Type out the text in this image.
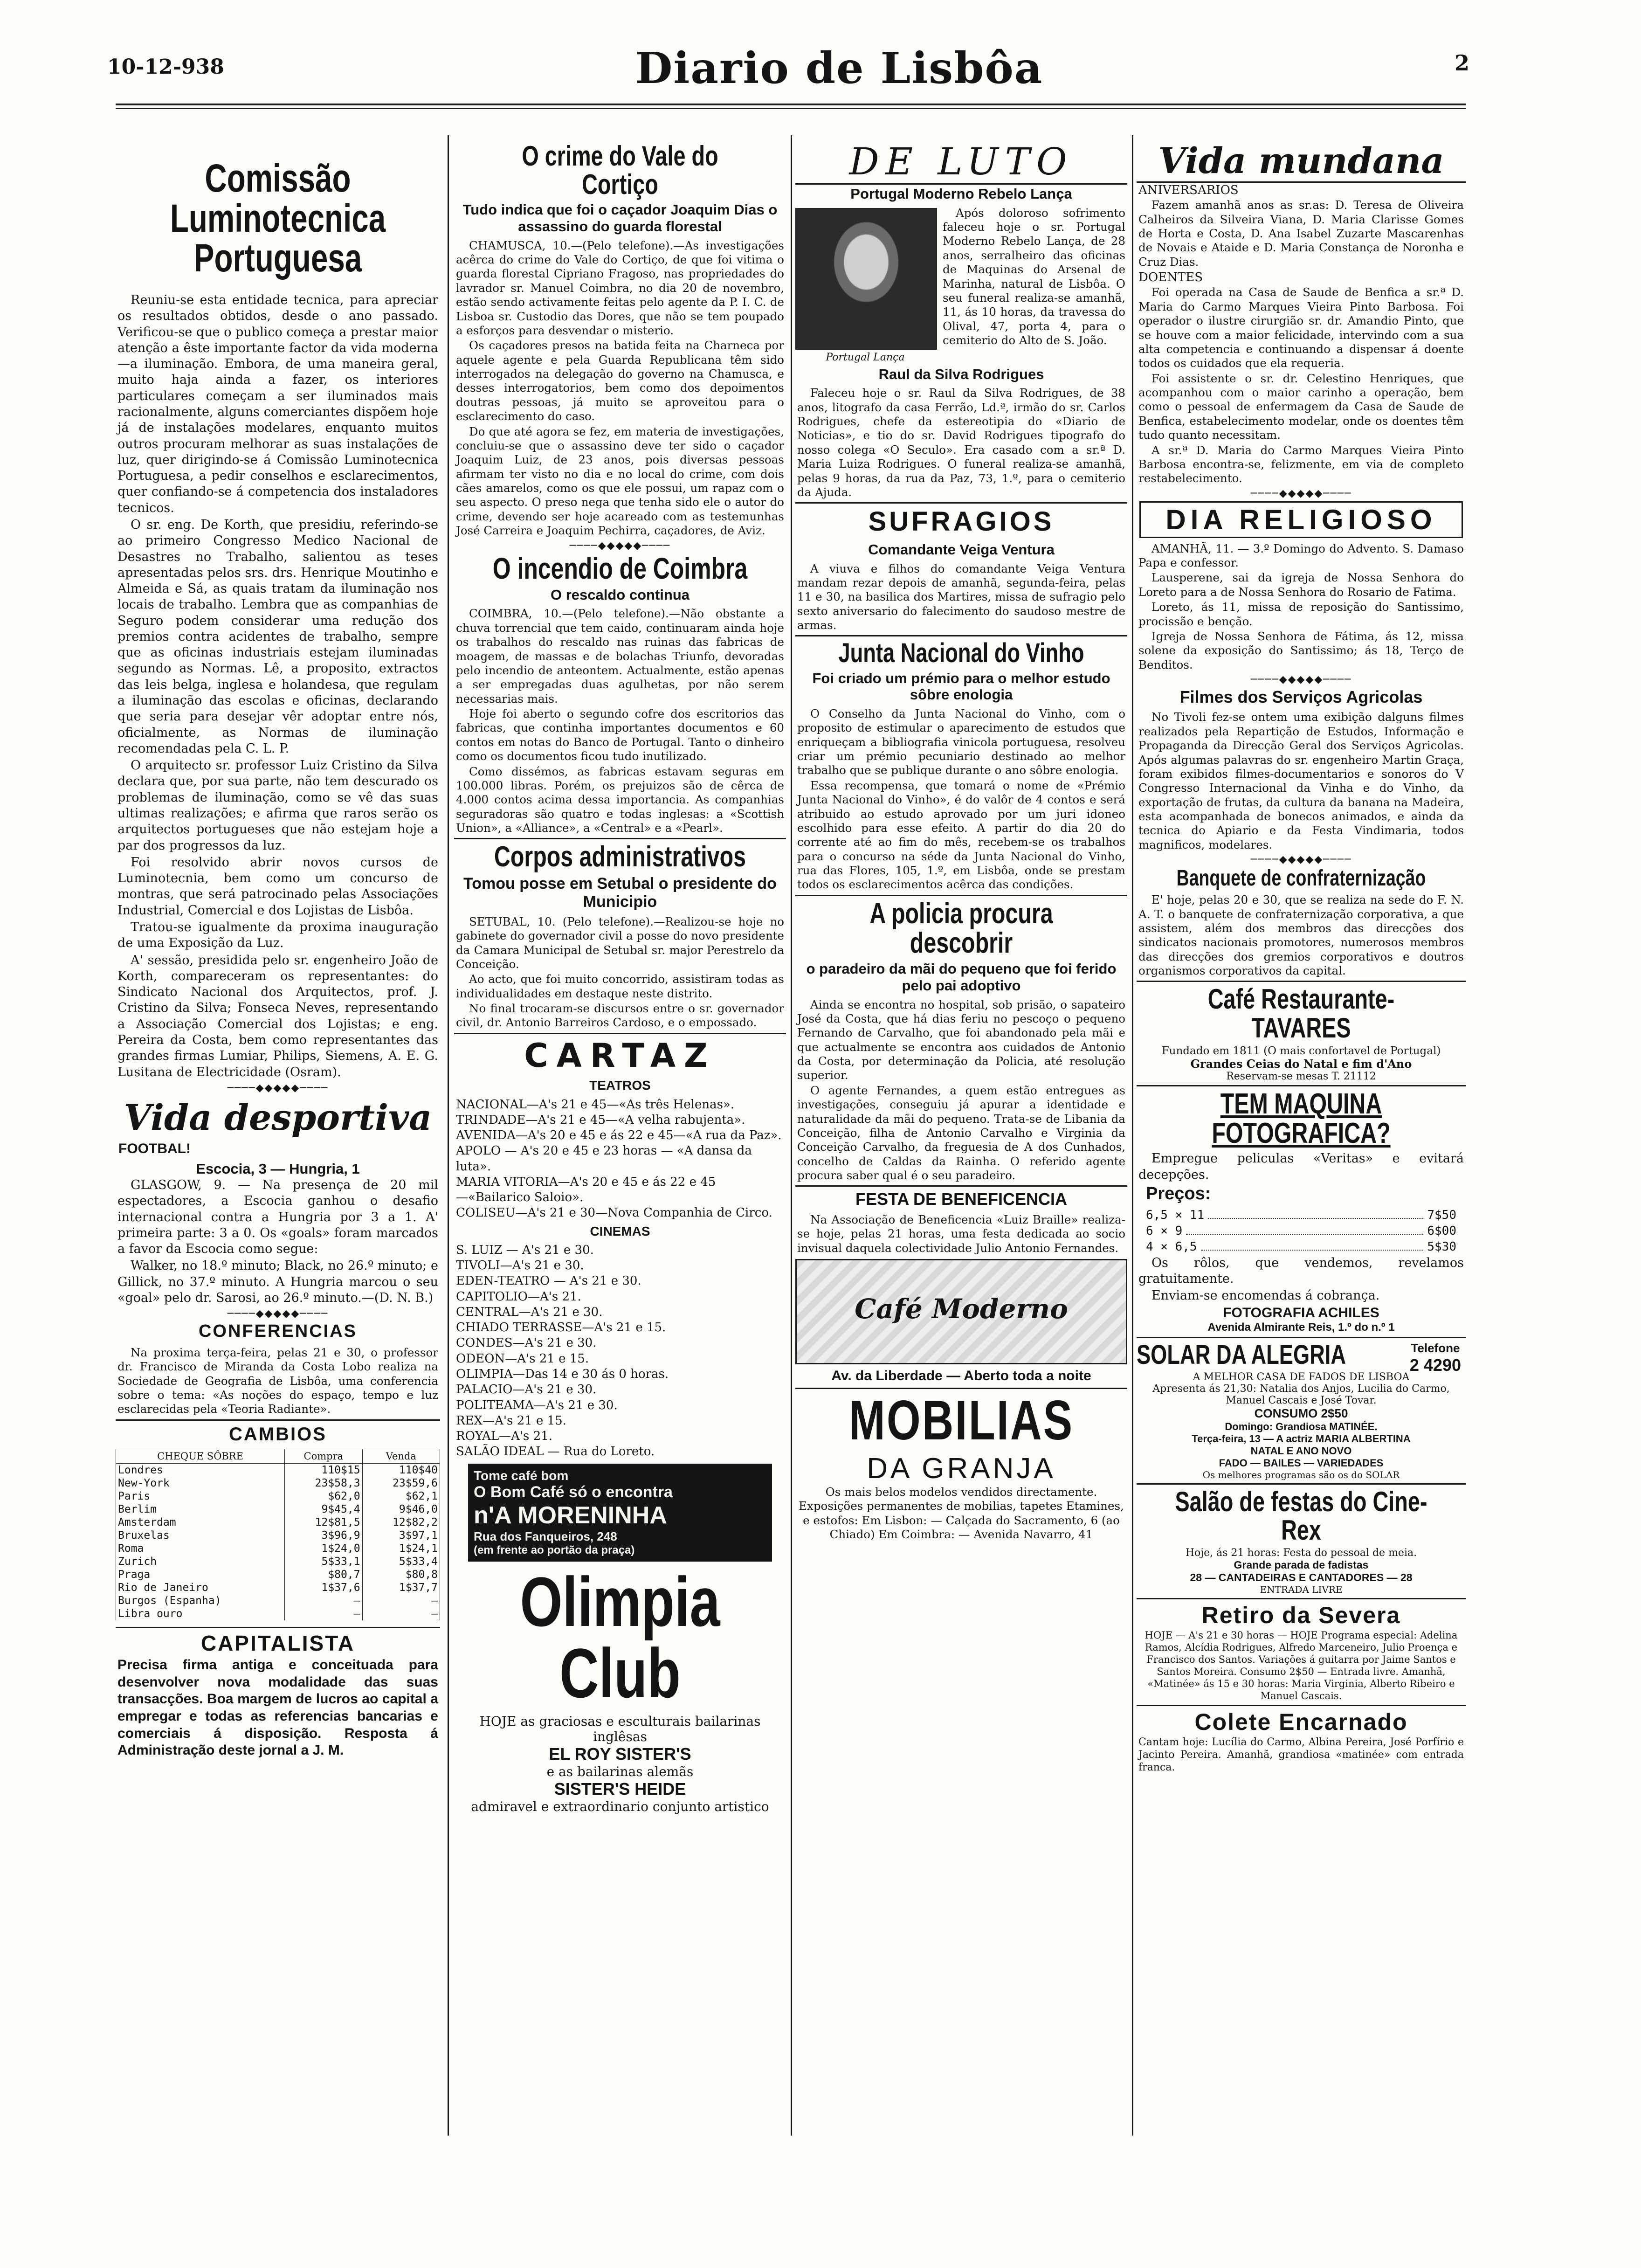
10-12-938	Diario de Lisbôa	2
Comissão Luminotecnica Portuguesa

Reuniu-se esta entidade tecnica, para apreciar os resultados obtidos, desde o ano passado. Verificou-se que o publico começa a prestar maior atenção a êste importante factor da vida moderna—a iluminação. Embora, de uma maneira geral, muito haja ainda a fazer, os interiores particulares começam a ser iluminados mais racionalmente, alguns comerciantes dispõem hoje já de instalações modelares, enquanto muitos outros procuram melhorar as suas instalações de luz, quer dirigindo-se á Comissão Luminotecnica Portuguesa, a pedir conselhos e esclarecimentos, quer confiando-se á competencia dos instaladores tecnicos.

O sr. eng. De Korth, que presidiu, referindo-se ao primeiro Congresso Medico Nacional de Desastres no Trabalho, salientou as teses apresentadas pelos srs. drs. Henrique Moutinho e Almeida e Sá, as quais tratam da iluminação nos locais de trabalho. Lembra que as companhias de Seguro podem considerar uma redução dos premios contra acidentes de trabalho, sempre que as oficinas industriais estejam iluminadas segundo as Normas. Lê, a proposito, extractos das leis belga, inglesa e holandesa, que regulam a iluminação das escolas e oficinas, declarando que seria para desejar vêr adoptar entre nós, oficialmente, as Normas de iluminação recomendadas pela C. L. P.

O arquitecto sr. professor Luiz Cristino da Silva declara que, por sua parte, não tem descurado os problemas de iluminação, como se vê das suas ultimas realizações; e afirma que raros serão os arquitectos portugueses que não estejam hoje a par dos progressos da luz.

Foi resolvido abrir novos cursos de Luminotecnia, bem como um concurso de montras, que será patrocinado pelas Associações Industrial, Comercial e dos Lojistas de Lisbôa.

Tratou-se igualmente da proxima inauguração de uma Exposição da Luz.

A' sessão, presidida pelo sr. engenheiro João de Korth, compareceram os representantes: do Sindicato Nacional dos Arquitectos, prof. J. Cristino da Silva; Fonseca Neves, representando a Associação Comercial dos Lojistas; e eng. Pereira da Costa, bem como representantes das grandes firmas Lumiar, Philips, Siemens, A. E. G. Lusitana de Electricidade (Osram).

────◆◆◆◆◆────
Vida desportiva
FOOTBAL!
Escocia, 3 — Hungria, 1

GLASGOW, 9. — Na presença de 20 mil espectadores, a Escocia ganhou o desafio internacional contra a Hungria por 3 a 1. A' primeira parte: 3 a 0. Os «goals» foram marcados a favor da Escocia como segue:

Walker, no 18.º minuto; Black, no 26.º minuto; e Gillick, no 37.º minuto. A Hungria marcou o seu «goal» pelo dr. Sarosi, ao 26.º minuto.—(D. N. B.)

────◆◆◆◆◆────
CONFERENCIAS

Na proxima terça-feira, pelas 21 e 30, o professor dr. Francisco de Miranda da Costa Lobo realiza na Sociedade de Geografia de Lisbôa, uma conferencia sobre o tema: «As noções do espaço, tempo e luz esclarecidas pela «Teoria Radiante».

CAMBIOS
CHEQUE SÔBRE	Compra	Venda
Londres	110$15	110$40
New-York	23$58,3	23$59,6
Paris	$62,0	$62,1
Berlim	9$45,4	9$46,0
Amsterdam	12$81,5	12$82,2
Bruxelas	3$96,9	3$97,1
Roma	1$24,0	1$24,1
Zurich	5$33,1	5$33,4
Praga	$80,7	$80,8
Rio de Janeiro	1$37,6	1$37,7
Burgos (Espanha)	—	—
Libra ouro	—	—
CAPITALISTA

Precisa firma antiga e conceituada para desenvolver nova modalidade das suas transacções. Boa margem de lucros ao capital a empregar e todas as referencias bancarias e comerciais á disposição. Resposta á Administração deste jornal a J. M.

O crime do Vale do Cortiço
Tudo indica que foi o caçador Joaquim Dias o assassino do guarda florestal

CHAMUSCA, 10.—(Pelo telefone).—As investigações acêrca do crime do Vale do Cortiço, de que foi vitima o guarda florestal Cipriano Fragoso, nas propriedades do lavrador sr. Manuel Coimbra, no dia 20 de novembro, estão sendo activamente feitas pelo agente da P. I. C. de Lisboa sr. Custodio das Dores, que não se tem poupado a esforços para desvendar o misterio.

Os caçadores presos na batida feita na Charneca por aquele agente e pela Guarda Republicana têm sido interrogados na delegação do governo na Chamusca, e desses interrogatorios, bem como dos depoimentos doutras pessoas, já muito se aproveitou para o esclarecimento do caso.

Do que até agora se fez, em materia de investigações, concluiu-se que o assassino deve ter sido o caçador Joaquim Luiz, de 23 anos, pois diversas pessoas afirmam ter visto no dia e no local do crime, com dois cães amarelos, como os que ele possui, um rapaz com o seu aspecto. O preso nega que tenha sido ele o autor do crime, devendo ser hoje acareado com as testemunhas José Carreira e Joaquim Pechirra, caçadores, de Aviz.

────◆◆◆◆◆────
O incendio de Coimbra
O rescaldo continua

COIMBRA, 10.—(Pelo telefone).—Não obstante a chuva torrencial que tem caido, continuaram ainda hoje os trabalhos do rescaldo nas ruinas das fabricas de moagem, de massas e de bolachas Triunfo, devoradas pelo incendio de anteontem. Actualmente, estão apenas a ser empregadas duas agulhetas, por não serem necessarias mais.

Hoje foi aberto o segundo cofre dos escritorios das fabricas, que continha importantes documentos e 60 contos em notas do Banco de Portugal. Tanto o dinheiro como os documentos ficou tudo inutilizado.

Como dissémos, as fabricas estavam seguras em 100.000 libras. Porém, os prejuizos são de cêrca de 4.000 contos acima dessa importancia. As companhias seguradoras são quatro e todas inglesas: a «Scottish Union», a «Alliance», a «Central» e a «Pearl».

Corpos administrativos
Tomou posse em Setubal o presidente do Municipio

SETUBAL, 10. (Pelo telefone).—Realizou-se hoje no gabinete do governador civil a posse do novo presidente da Camara Municipal de Setubal sr. major Perestrelo da Conceição.

Ao acto, que foi muito concorrido, assistiram todas as individualidades em destaque neste distrito.

No final trocaram-se discursos entre o sr. governador civil, dr. Antonio Barreiros Cardoso, e o empossado.

CARTAZ
TEATROS
NACIONAL—A's 21 e 45—«As três Helenas».
TRINDADE—A's 21 e 45—«A velha rabujenta».
AVENIDA—A's 20 e 45 e ás 22 e 45—«A rua da Paz».
APOLO — A's 20 e 45 e 23 horas — «A dansa da luta».
MARIA VITORIA—A's 20 e 45 e ás 22 e 45—«Bailarico Saloio».
COLISEU—A's 21 e 30—Nova Companhia de Circo.
CINEMAS
S. LUIZ — A's 21 e 30.
TIVOLI—A's 21 e 30.
EDEN-TEATRO — A's 21 e 30.
CAPITOLIO—A's 21.
CENTRAL—A's 21 e 30.
CHIADO TERRASSE—A's 21 e 15.
CONDES—A's 21 e 30.
ODEON—A's 21 e 15.
OLIMPIA—Das 14 e 30 ás 0 horas.
PALACIO—A's 21 e 30.
POLITEAMA—A's 21 e 30.
REX—A's 21 e 15.
ROYAL—A's 21.
SALÃO IDEAL — Rua do Loreto.
Tome café bom
O Bom Café só o encontra
n'A MORENINHA
Rua dos Fanqueiros, 248
(em frente ao portão da praça)
Olimpia Club
HOJE as graciosas e esculturais bailarinas inglêsas
EL ROY SISTER'S
e as bailarinas alemãs
SISTER'S HEIDE
admiravel e extraordinario conjunto artistico
DE LUTO
Portugal Moderno Rebelo Lança
Portugal Lança

Após doloroso sofrimento faleceu hoje o sr. Portugal Moderno Rebelo Lança, de 28 anos, serralheiro das oficinas de Maquinas do Arsenal de Marinha, natural de Lisbôa. O seu funeral realiza-se amanhã, 11, ás 10 horas, da travessa do Olival, 47, porta 4, para o cemiterio do Alto de S. João.

Raul da Silva Rodrigues

Faleceu hoje o sr. Raul da Silva Rodrigues, de 38 anos, litografo da casa Ferrão, Ld.ª, irmão do sr. Carlos Rodrigues, chefe da estereotipia do «Diario de Noticias», e tio do sr. David Rodrigues tipografo do nosso colega «O Seculo». Era casado com a sr.ª D. Maria Luiza Rodrigues. O funeral realiza-se amanhã, pelas 9 horas, da rua da Paz, 73, 1.º, para o cemiterio da Ajuda.

SUFRAGIOS
Comandante Veiga Ventura

A viuva e filhos do comandante Veiga Ventura mandam rezar depois de amanhã, segunda-feira, pelas 11 e 30, na basilica dos Martires, missa de sufragio pelo sexto aniversario do falecimento do saudoso mestre de armas.

Junta Nacional do Vinho
Foi criado um prémio para o melhor estudo sôbre enologia

O Conselho da Junta Nacional do Vinho, com o proposito de estimular o aparecimento de estudos que enriqueçam a bibliografia vinicola portuguesa, resolveu criar um prémio pecuniario destinado ao melhor trabalho que se publique durante o ano sôbre enologia.

Essa recompensa, que tomará o nome de «Prémio Junta Nacional do Vinho», é do valôr de 4 contos e será atribuido ao estudo aprovado por um juri idoneo escolhido para esse efeito. A partir do dia 20 do corrente até ao fim do mês, recebem-se os trabalhos para o concurso na séde da Junta Nacional do Vinho, rua das Flores, 105, 1.º, em Lisbôa, onde se prestam todos os esclarecimentos acêrca das condições.

A policia procura descobrir
o paradeiro da mãi do pequeno que foi ferido pelo pai adoptivo

Ainda se encontra no hospital, sob prisão, o sapateiro José da Costa, que há dias feriu no pescoço o pequeno Fernando de Carvalho, que foi abandonado pela mãi e que actualmente se encontra aos cuidados de Antonio da Costa, por determinação da Policia, até resolução superior.

O agente Fernandes, a quem estão entregues as investigações, conseguiu já apurar a identidade e naturalidade da mãi do pequeno. Trata-se de Libania da Conceição, filha de Antonio Carvalho e Virginia da Conceição Carvalho, da freguesia de A dos Cunhados, concelho de Caldas da Rainha. O referido agente procura saber qual é o seu paradeiro.

FESTA DE BENEFICENCIA

Na Associação de Beneficencia «Luiz Braille» realiza-se hoje, pelas 21 horas, uma festa dedicada ao socio invisual daquela colectividade Julio Antonio Fernandes.

Café Moderno
Av. da Liberdade — Aberto toda a noite
MOBILIAS
DA GRANJA

Os mais belos modelos vendidos directamente. Exposições permanentes de mobilias, tapetes Etamines, e estofos: Em Lisbon: — Calçada do Sacramento, 6 (ao Chiado) Em Coimbra: — Avenida Navarro, 41

Vida mundana
ANIVERSARIOS

Fazem amanhã anos as sr.as: D. Teresa de Oliveira Calheiros da Silveira Viana, D. Maria Clarisse Gomes de Horta e Costa, D. Ana Isabel Zuzarte Mascarenhas de Novais e Ataide e D. Maria Constança de Noronha e Cruz Dias.

DOENTES

Foi operada na Casa de Saude de Benfica a sr.ª D. Maria do Carmo Marques Vieira Pinto Barbosa. Foi operador o ilustre cirurgião sr. dr. Amandio Pinto, que se houve com a maior felicidade, intervindo com a sua alta competencia e continuando a dispensar á doente todos os cuidados que ela requeria.

Foi assistente o sr. dr. Celestino Henriques, que acompanhou com o maior carinho a operação, bem como o pessoal de enfermagem da Casa de Saude de Benfica, estabelecimento modelar, onde os doentes têm tudo quanto necessitam.

A sr.ª D. Maria do Carmo Marques Vieira Pinto Barbosa encontra-se, felizmente, em via de completo restabelecimento.

────◆◆◆◆◆────
DIA RELIGIOSO

AMANHÃ, 11. — 3.º Domingo do Advento. S. Damaso Papa e confessor.

Lausperene, sai da igreja de Nossa Senhora do Loreto para a de Nossa Senhora do Rosario de Fatima.

Loreto, ás 11, missa de reposição do Santissimo, procissão e benção.

Igreja de Nossa Senhora de Fátima, ás 12, missa solene da exposição do Santissimo; ás 18, Terço de Benditos.

────◆◆◆◆◆────
Filmes dos Serviços Agricolas

No Tivoli fez-se ontem uma exibição dalguns filmes realizados pela Repartição de Estudos, Informação e Propaganda da Direcção Geral dos Serviços Agricolas. Após algumas palavras do sr. engenheiro Martin Graça, foram exibidos filmes-documentarios e sonoros do V Congresso Internacional da Vinha e do Vinho, da exportação de frutas, da cultura da banana na Madeira, esta acompanhada de bonecos animados, e ainda da tecnica do Apiario e da Festa Vindimaria, todos magnificos, modelares.

────◆◆◆◆◆────
Banquete de confraternização

E' hoje, pelas 20 e 30, que se realiza na sede do F. N. A. T. o banquete de confraternização corporativa, a que assistem, além dos membros das direcções dos sindicatos nacionais promotores, numerosos membros das direcções dos gremios corporativos e doutros organismos corporativos da capital.

Café Restaurante-TAVARES
Fundado em 1811 (O mais confortavel de Portugal)
Grandes Ceias do Natal e fim d'Ano
Reservam-se mesas T. 21112
TEM MAQUINA FOTOGRAFICA?

Empregue peliculas «Veritas» e evitará decepções.

Preços:
6,5 × 11	7$50
6 × 9	6$00
4 × 6,5	5$30

Os rôlos, que vendemos, revelamos gratuitamente.

Enviam-se encomendas á cobrança.

FOTOGRAFIA ACHILES
Avenida Almirante Reis, 1.º do n.º 1
SOLAR DA ALEGRIA	Telefone
2 4290
A MELHOR CASA DE FADOS DE LISBOA
Apresenta ás 21,30: Natalia dos Anjos, Lucilia do Carmo, Manuel Cascais e José Tovar.
CONSUMO 2$50
Domingo: Grandiosa MATINÉE.
Terça-feira, 13 — A actriz MARIA ALBERTINA
NATAL E ANO NOVO
FADO — BAILES — VARIEDADES
Os melhores programas são os do SOLAR
Salão de festas do Cine-Rex
Hoje, ás 21 horas: Festa do pessoal de meia.
Grande parada de fadistas
28 — CANTADEIRAS E CANTADORES — 28
ENTRADA LIVRE
Retiro da Severa

HOJE — A's 21 e 30 horas — HOJE Programa especial: Adelina Ramos, Alcídia Rodrigues, Alfredo Marceneiro, Julio Proença e Francisco dos Santos. Variações á guitarra por Jaime Santos e Santos Moreira. Consumo 2$50 — Entrada livre. Amanhã, «Matinée» ás 15 e 30 horas: Maria Virginia, Alberto Ribeiro e Manuel Cascais.

Colete Encarnado

Cantam hoje: Lucília do Carmo, Albina Pereira, José Porfírio e Jacinto Pereira. Amanhã, grandiosa «matinée» com entrada franca.
